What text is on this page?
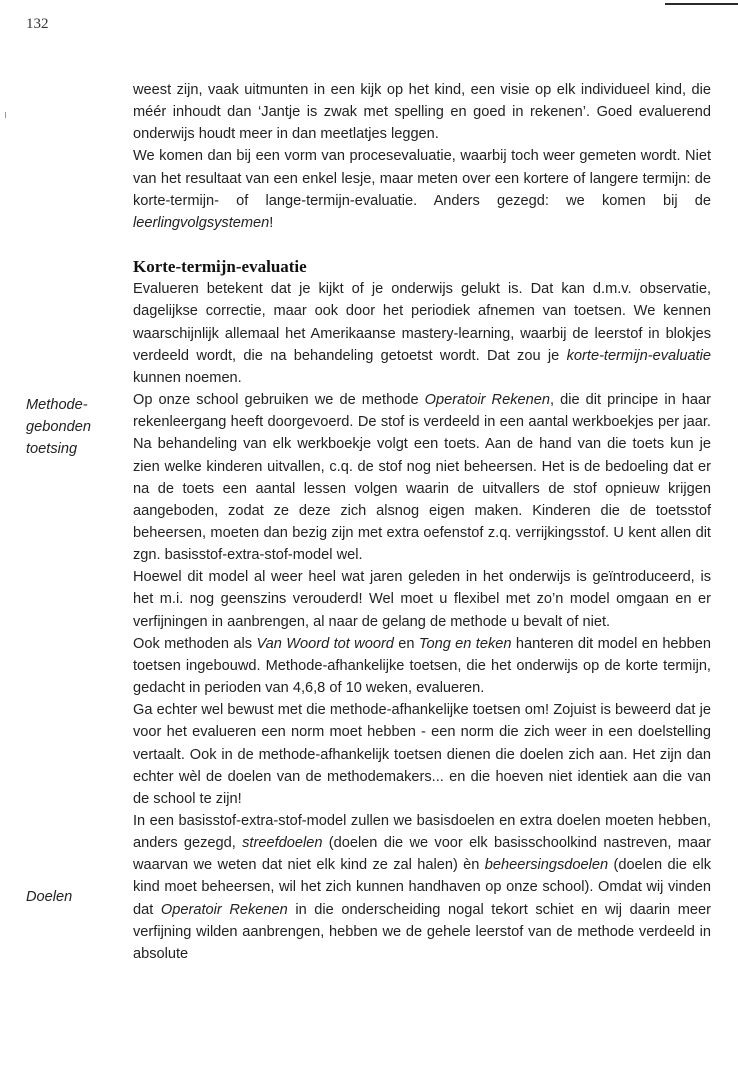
132
Methode-
gebonden
toetsing
Doelen

weest zijn, vaak uitmunten in een kijk op het kind, een visie op elk individueel kind, die méér inhoudt dan ‘Jantje is zwak met spelling en goed in rekenen’. Goed evaluerend onderwijs houdt meer in dan meetlatjes leggen.

We komen dan bij een vorm van procesevaluatie, waarbij toch weer gemeten wordt. Niet van het resultaat van een enkel lesje, maar meten over een kortere of langere termijn: de korte-termijn- of lange-termijn-evaluatie. Anders gezegd: we komen bij de leerlingvolgsystemen!

Korte-termijn-evaluatie

Evalueren betekent dat je kijkt of je onderwijs gelukt is. Dat kan d.m.v. observatie, dagelijkse correctie, maar ook door het periodiek afnemen van toetsen. We kennen waarschijnlijk allemaal het Amerikaanse mastery-learning, waarbij de leerstof in blokjes verdeeld wordt, die na behandeling getoetst wordt. Dat zou je korte-termijn-evaluatie kunnen noemen.

Op onze school gebruiken we de methode Operatoir Rekenen, die dit principe in haar rekenleergang heeft doorgevoerd. De stof is verdeeld in een aantal werkboekjes per jaar. Na behandeling van elk werkboekje volgt een toets. Aan de hand van die toets kun je zien welke kinderen uitvallen, c.q. de stof nog niet beheersen. Het is de bedoeling dat er na de toets een aantal lessen volgen waarin de uitvallers de stof opnieuw krijgen aangeboden, zodat ze deze zich alsnog eigen maken. Kinderen die de toetsstof beheersen, moeten dan bezig zijn met extra oefenstof z.q. verrijkingsstof. U kent allen dit zgn. basisstof-extra-stof-model wel.

Hoewel dit model al weer heel wat jaren geleden in het onderwijs is geïntroduceerd, is het m.i. nog geenszins verouderd! Wel moet u flexibel met zo’n model omgaan en er verfijningen in aanbrengen, al naar de gelang de methode u bevalt of niet.

Ook methoden als Van Woord tot woord en Tong en teken hanteren dit model en hebben toetsen ingebouwd. Methode-afhankelijke toetsen, die het onderwijs op de korte termijn, gedacht in perioden van 4,6,8 of 10 weken, evalueren.

Ga echter wel bewust met die methode-afhankelijke toetsen om! Zojuist is beweerd dat je voor het evalueren een norm moet hebben - een norm die zich weer in een doelstelling vertaalt. Ook in de methode-afhankelijk toetsen dienen die doelen zich aan. Het zijn dan echter wèl de doelen van de methodemakers... en die hoeven niet identiek aan die van de school te zijn!

In een basisstof-extra-stof-model zullen we basisdoelen en extra doelen moeten hebben, anders gezegd, streefdoelen (doelen die we voor elk basisschoolkind nastreven, maar waarvan we weten dat niet elk kind ze zal halen) èn beheersingsdoelen (doelen die elk kind moet beheersen, wil het zich kunnen handhaven op onze school). Omdat wij vinden dat Operatoir Rekenen in die onderscheiding nogal tekort schiet en wij daarin meer verfijning wilden aanbrengen, hebben we de gehele leerstof van de methode verdeeld in absolute
